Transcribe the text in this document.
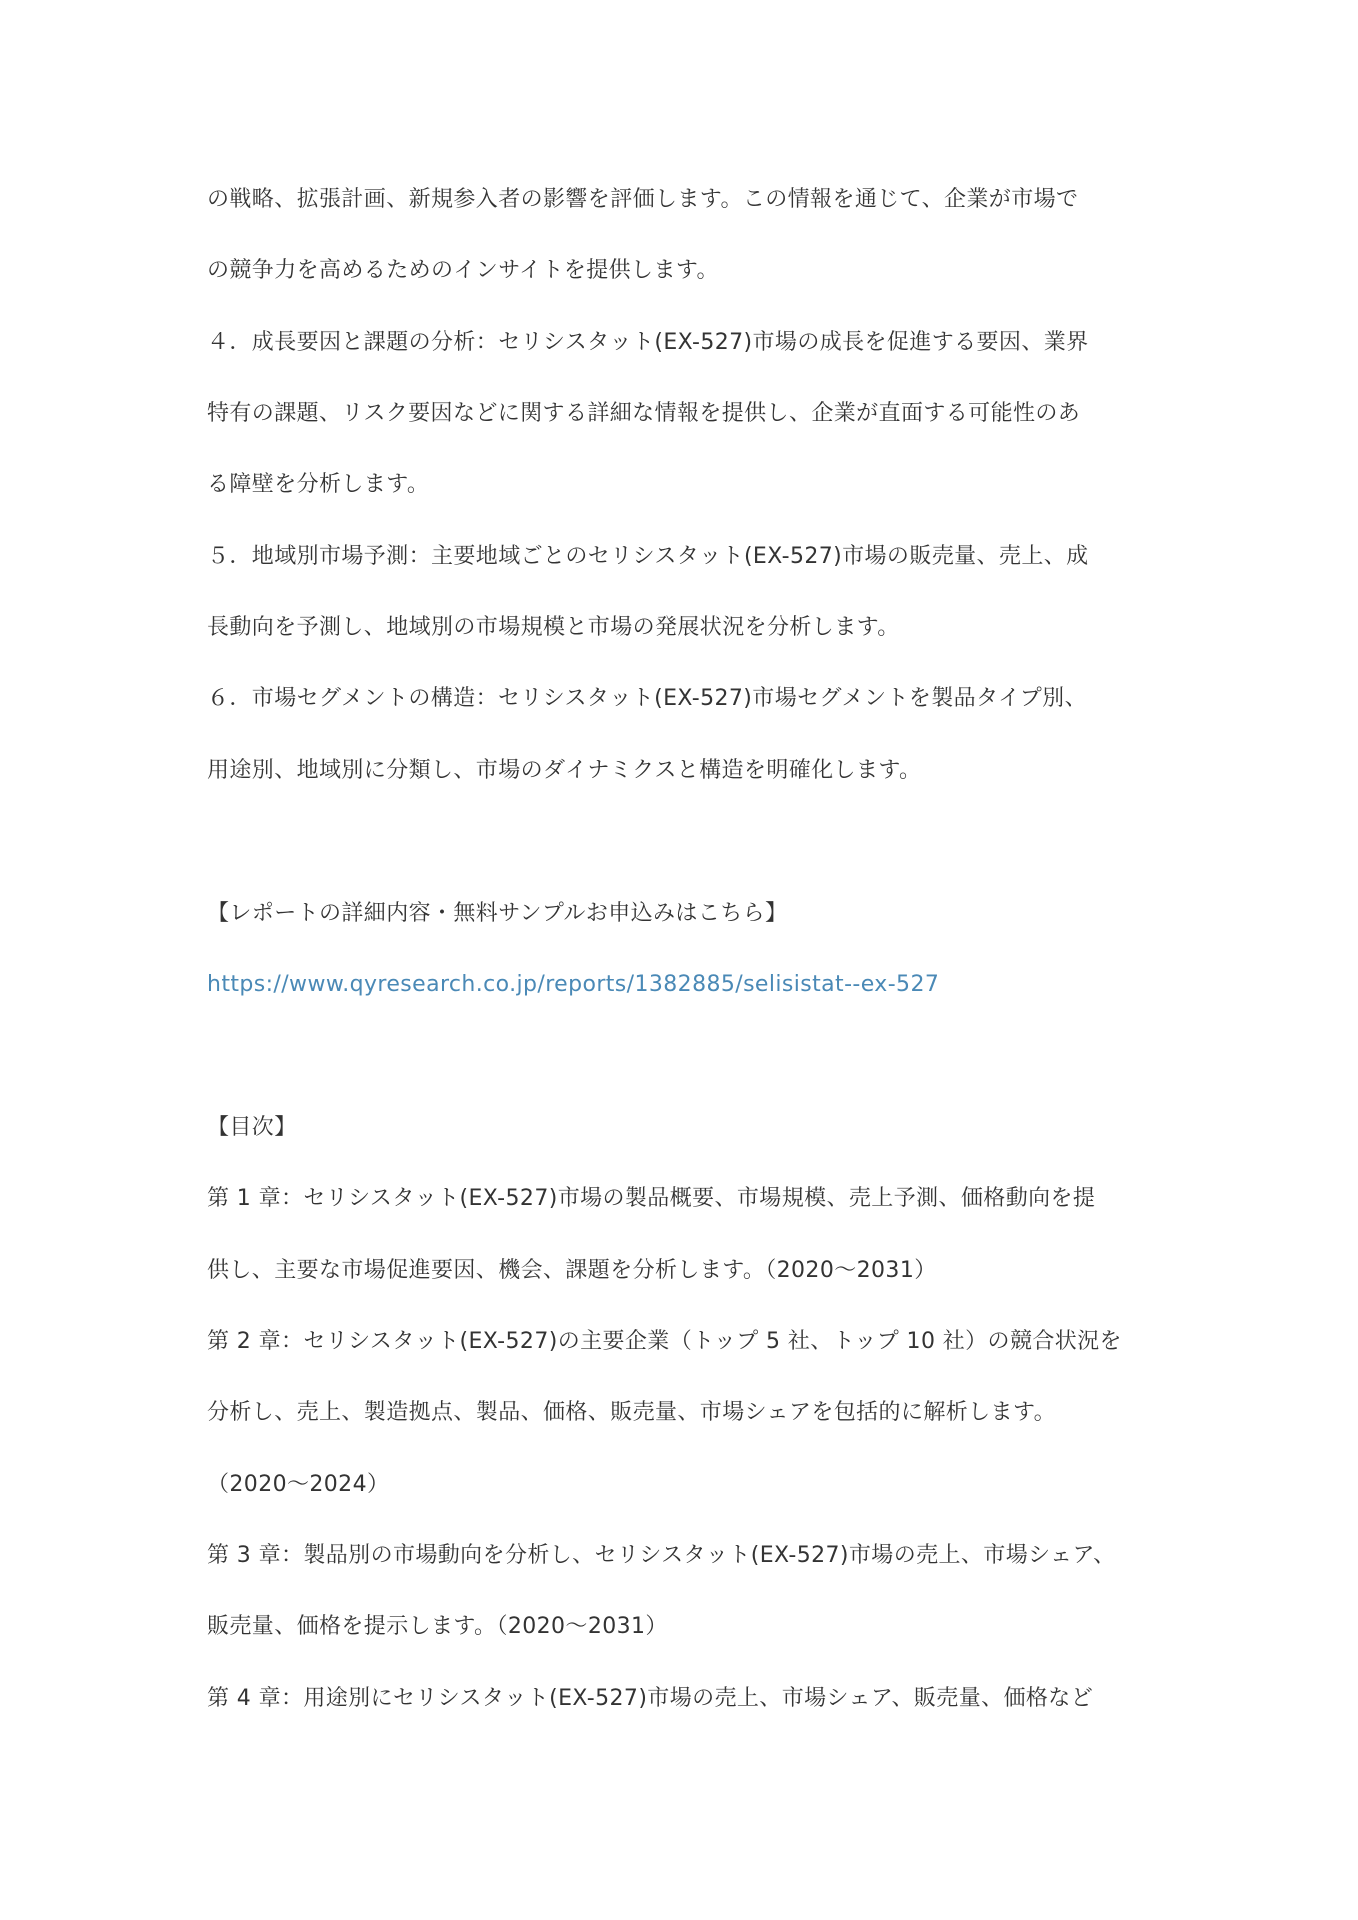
の戦略、拡張計画、新規参入者の影響を評価します。この情報を通じて、企業が市場で
の競争力を高めるためのインサイトを提供します。
４．成長要因と課題の分析：セリシスタット(EX-527)市場の成長を促進する要因、業界
特有の課題、リスク要因などに関する詳細な情報を提供し、企業が直面する可能性のあ
る障壁を分析します。
５．地域別市場予測：主要地域ごとのセリシスタット(EX-527)市場の販売量、売上、成
長動向を予測し、地域別の市場規模と市場の発展状況を分析します。
６．市場セグメントの構造：セリシスタット(EX-527)市場セグメントを製品タイプ別、
用途別、地域別に分類し、市場のダイナミクスと構造を明確化します。
【レポートの詳細内容・無料サンプルお申込みはこちら】
https://www.qyresearch.co.jp/reports/1382885/selisistat--ex-527
【目次】
第 1 章：セリシスタット(EX-527)市場の製品概要、市場規模、売上予測、価格動向を提
供し、主要な市場促進要因、機会、課題を分析します。（2020～2031）
第 2 章：セリシスタット(EX-527)の主要企業（トップ 5 社、トップ 10 社）の競合状況を
分析し、売上、製造拠点、製品、価格、販売量、市場シェアを包括的に解析します。
（2020～2024）
第 3 章：製品別の市場動向を分析し、セリシスタット(EX-527)市場の売上、市場シェア、
販売量、価格を提示します。（2020～2031）
第 4 章：用途別にセリシスタット(EX-527)市場の売上、市場シェア、販売量、価格など
